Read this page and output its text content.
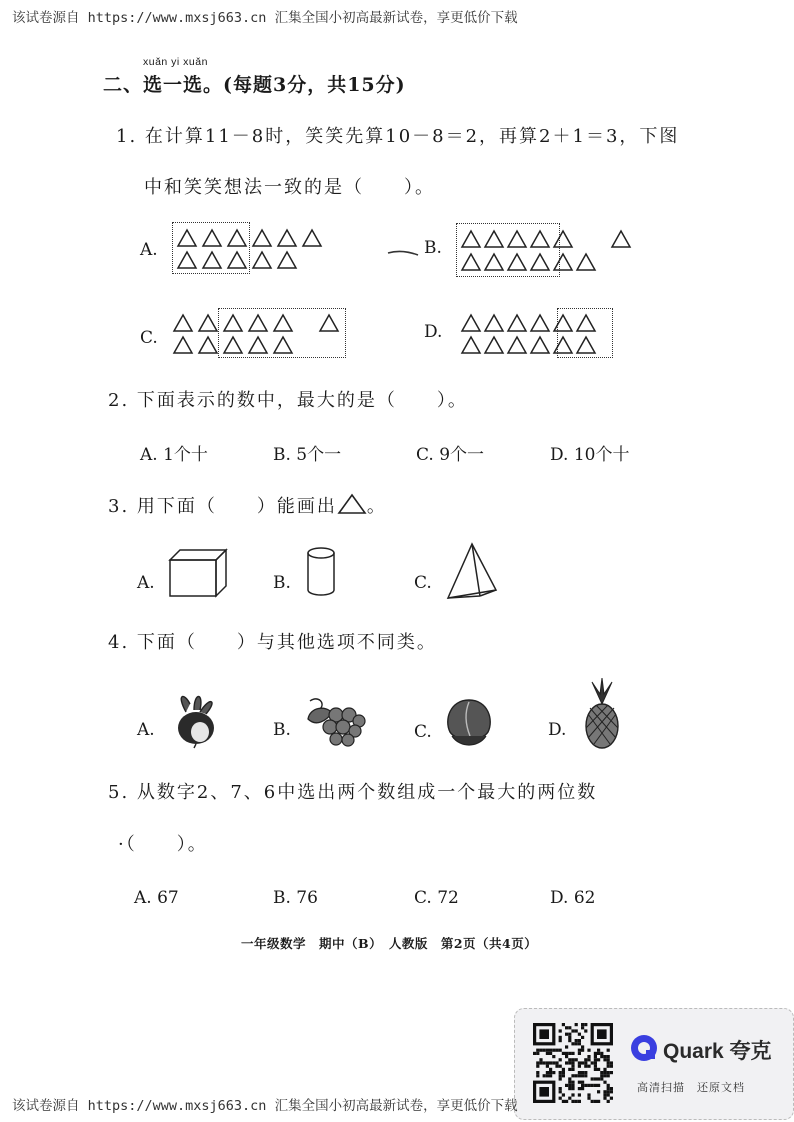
该试卷源自 https://www.mxsj663.cn 汇集全国小初高最新试卷，享更低价下载
xuǎn yi xuǎn
二、选一选。(每题3分，共15分)
1. 在计算11－8时，笑笑先算10－8＝2，再算2＋1＝3，下图
中和笑笑想法一致的是（　　）。
A.	B.
C.	D.
2. 下面表示的数中，最大的是（　　）。
A. 1个十	B. 5个一	C. 9个一	D. 10个十
3. 用下面（　　）能画出 。
A.	B.	C.
4. 下面（　　）与其他选项不同类。
A.	B.	C.	D.
5. 从数字2、7、6中选出两个数组成一个最大的两位数
·（　　）。
A. 67	B. 76	C. 72	D. 62
一年级数学　期中（B）　人教版　第2页（共4页）
Quark 夸克
高清扫描　还原文档
该试卷源自 https://www.mxsj663.cn 汇集全国小初高最新试卷，享更低价下载
